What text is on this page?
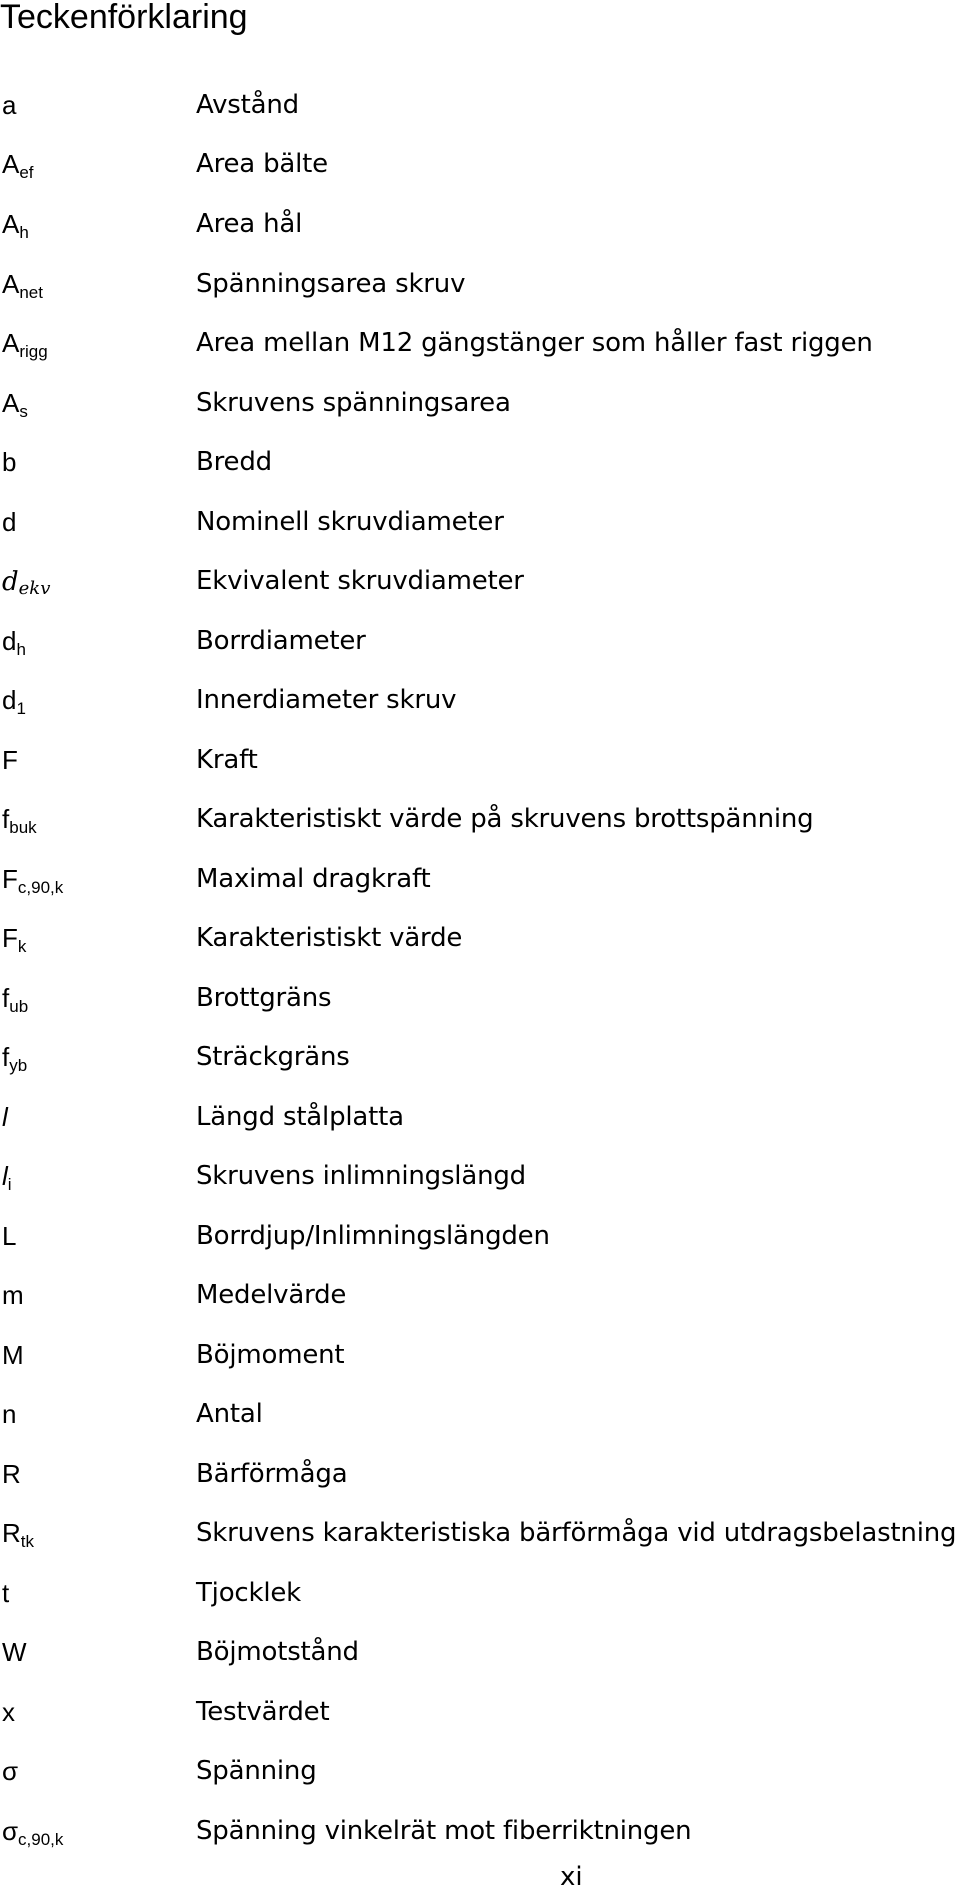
Teckenförklaring
a	Avstånd
$A_{ef}$	Area bälte
$A_h$	Area hål
$A_{net}$	Spänningsarea skruv
$A_{rigg}$	Area mellan M12 gängstänger som håller fast riggen
$A_s$	Skruvens spänningsarea
b	Bredd
d	Nominell skruvdiameter
$d_{ekv}$	Ekvivalent skruvdiameter
$d_h$	Borrdiameter
$d_1$	Innerdiameter skruv
F	Kraft
$f_{buk}$	Karakteristiskt värde på skruvens brottspänning
$F_{c,90,k}$	Maximal dragkraft
$F_k$	Karakteristiskt värde
$f_{ub}$	Brottgräns
$f_{yb}$	Sträckgräns
l	Längd stålplatta
$l_i$	Skruvens inlimningslängd
L	Borrdjup/Inlimningslängden
m	Medelvärde
M	Böjmoment
n	Antal
R	Bärförmåga
$R_{tk}$	Skruvens karakteristiska bärförmåga vid utdragsbelastning
t	Tjocklek
W	Böjmotstånd
x	Testvärdet
σ	Spänning
$\sigma_{c,90,k}$	Spänning vinkelrät mot fiberriktningen
xi
